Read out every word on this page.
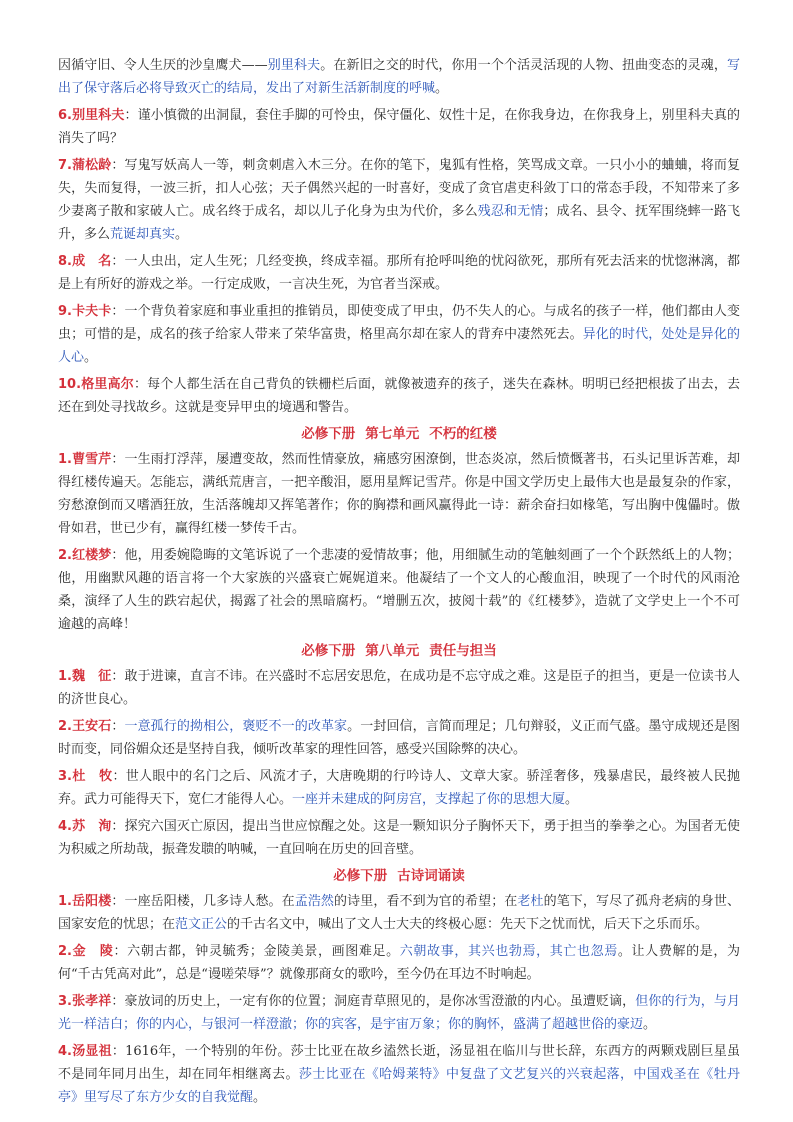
因循守旧、令人生厌的沙皇鹰犬——别里科夫。在新旧之交的时代，你用一个个活灵活现的人物、扭曲变态的灵魂，写出了保守落后必将导致灭亡的结局，发出了对新生活新制度的呼喊。

6.别里科夫：谨小慎微的出洞鼠，套住手脚的可怜虫，保守僵化、奴性十足，在你我身边，在你我身上，别里科夫真的消失了吗？

7.蒲松龄：写鬼写妖高人一等，刺贪刺虐入木三分。在你的笔下，鬼狐有性格，笑骂成文章。一只小小的蛐蛐，将而复失，失而复得，一波三折，扣人心弦；天子偶然兴起的一时喜好，变成了贪官虐吏科敛丁口的常态手段，不知带来了多少妻离子散和家破人亡。成名终于成名，却以儿子化身为虫为代价，多么残忍和无情；成名、县令、抚军围绕蟀一路飞升，多么荒诞却真实。

8.成　名：一人虫出，定人生死；几经变换，终成幸福。那所有抢呼叫绝的忧闷欲死，那所有死去活来的忧惚淋漓，都是上有所好的游戏之举。一行定成败，一言决生死，为官者当深戒。

9.卡夫卡：一个背负着家庭和事业重担的推销员，即使变成了甲虫，仍不失人的心。与成名的孩子一样，他们都由人变虫；可惜的是，成名的孩子给家人带来了荣华富贵，格里高尔却在家人的背弃中凄然死去。异化的时代，处处是异化的人心。

10.格里高尔：每个人都生活在自己背负的铁栅栏后面，就像被遗弃的孩子，迷失在森林。明明已经把根拔了出去，去还在到处寻找故乡。这就是变异甲虫的境遇和警告。

必修下册 第七单元 不朽的红楼

1.曹雪芹：一生雨打浮萍，屡遭变故，然而性情豪放，痛感穷困潦倒，世态炎凉，然后愤慨著书，石头记里诉苦难，却得红楼传遍天。怎能忘，满纸荒唐言，一把辛酸泪，愿用星辉记雪芹。你是中国文学历史上最伟大也是最复杂的作家，穷愁潦倒而又嗜酒狂放，生活落魄却又挥笔著作；你的胸襟和画风赢得此一诗：薪余奋扫如椽笔，写出胸中傀儡时。傲骨如君，世已少有，赢得红楼一梦传千古。

2.红楼梦：他，用委婉隐晦的文笔诉说了一个悲凄的爱情故事；他，用细腻生动的笔触刻画了一个个跃然纸上的人物；他，用幽默风趣的语言将一个大家族的兴盛衰亡娓娓道来。他凝结了一个文人的心酸血泪，映现了一个时代的风雨沧桑，演绎了人生的跌宕起伏，揭露了社会的黑暗腐朽。“增删五次，披阅十载”的《红楼梦》，造就了文学史上一个不可逾越的高峰！

必修下册 第八单元 责任与担当

1.魏　征：敢于进谏，直言不讳。在兴盛时不忘居安思危，在成功是不忘守成之难。这是臣子的担当，更是一位读书人的济世良心。

2.王安石：一意孤行的拗相公，褒贬不一的改革家。一封回信，言简而理足；几句辩驳，义正而气盛。墨守成规还是图时而变，同俗媚众还是坚持自我，倾听改革家的理性回答，感受兴国除弊的决心。

3.杜　牧：世人眼中的名门之后、风流才子，大唐晚期的行吟诗人、文章大家。骄淫奢侈，残暴虐民，最终被人民抛弃。武力可能得天下，宽仁才能得人心。一座并未建成的阿房宫，支撑起了你的思想大厦。

4.苏　洵：探究六国灭亡原因，提出当世应惊醒之处。这是一颗知识分子胸怀天下，勇于担当的拳拳之心。为国者无使为积威之所劫哉，振聋发聩的呐喊，一直回响在历史的回音壁。

必修下册 古诗词诵读

1.岳阳楼：一座岳阳楼，几多诗人愁。在孟浩然的诗里，看不到为官的希望；在老杜的笔下，写尽了孤舟老病的身世、国家安危的忧思；在范文正公的千古名文中，喊出了文人士大夫的终极心愿：先天下之忧而忧，后天下之乐而乐。

2.金　陵：六朝古都，钟灵毓秀；金陵美景，画图难足。六朝故事，其兴也勃焉，其亡也忽焉。让人费解的是，为何“千古凭高对此”，总是“谩嗟荣辱”？就像那商女的歌吟，至今仍在耳边不时响起。

3.张孝祥：豪放词的历史上，一定有你的位置；洞庭青草照见的，是你冰雪澄澈的内心。虽遭贬谪，但你的行为，与月光一样洁白；你的内心，与银河一样澄澈；你的宾客，是宇宙万象；你的胸怀，盛满了超越世俗的豪迈。

4.汤显祖：1616年，一个特别的年份。莎士比亚在故乡溘然长逝，汤显祖在临川与世长辞，东西方的两颗戏剧巨星虽不是同年同月出生，却在同年相继离去。莎士比亚在《哈姆莱特》中复盘了文艺复兴的兴衰起落，中国戏圣在《牡丹亭》里写尽了东方少女的自我觉醒。
